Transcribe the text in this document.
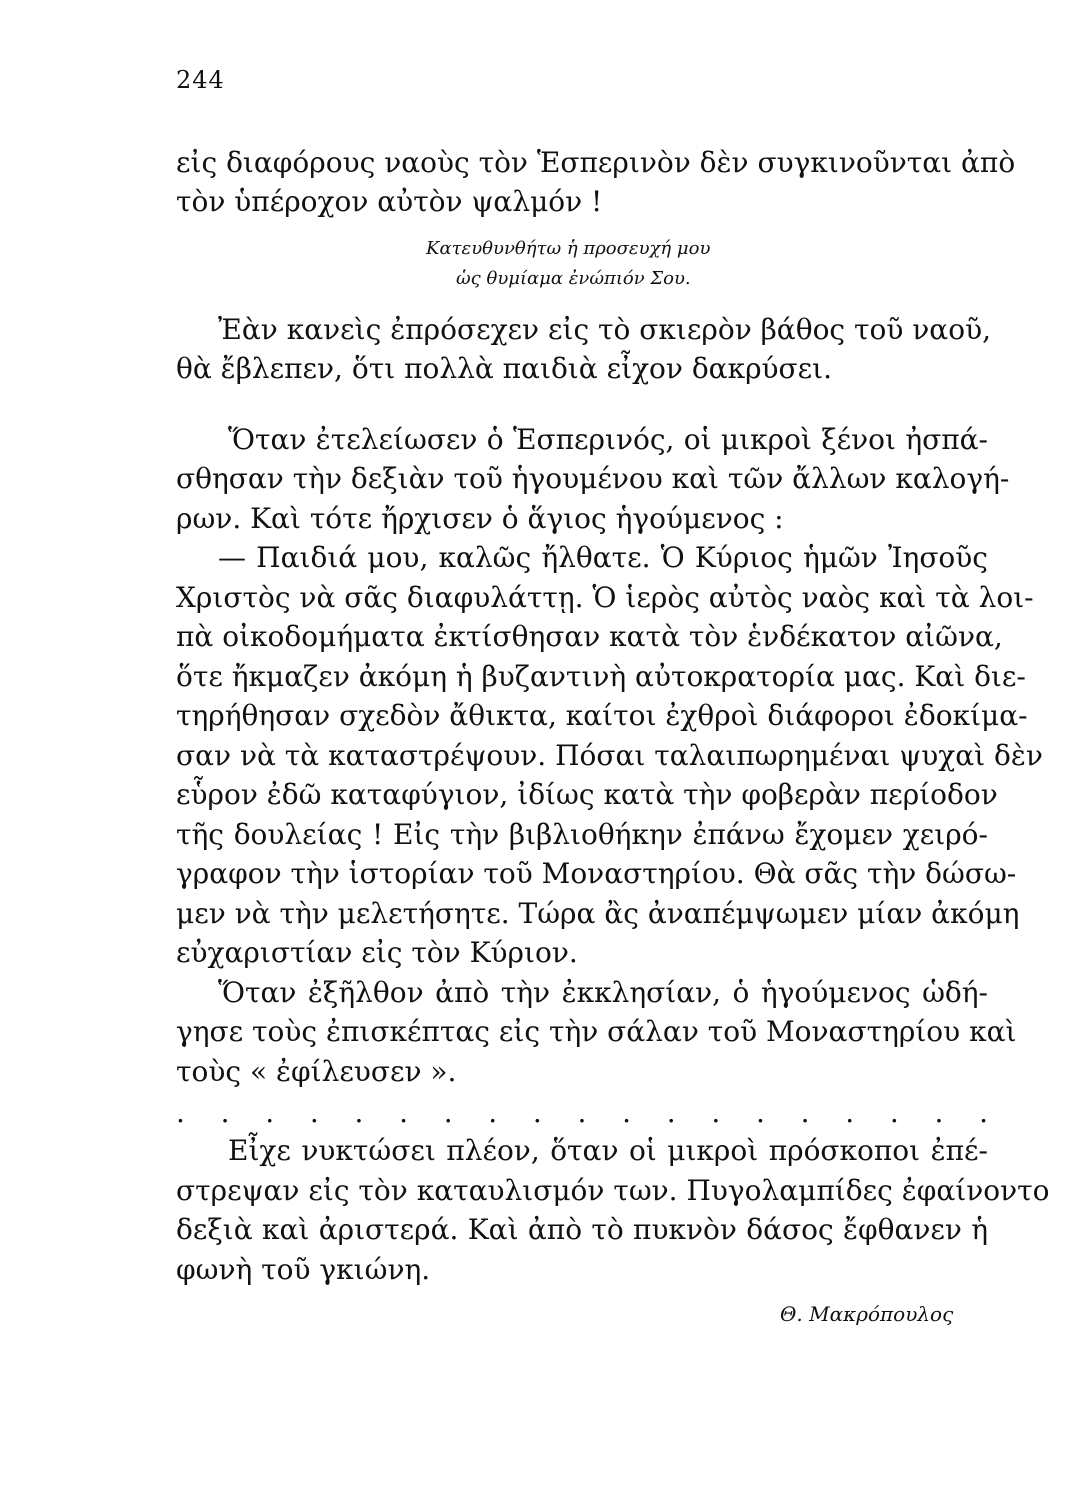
244
εἰς διαφόρους ναοὺς τὸν Ἑσπερινὸν δὲν συγκινοῦνται ἀπὸ
τὸν ὑπέροχον αὐτὸν ψαλμόν !
Κατευθυνθήτω ἡ προσευχή μου
ὡς θυμίαμα ἐνώπιόν Σου.
Ἐὰν κανεὶς ἐπρόσεχεν εἰς τὸ σκιερὸν βάθος τοῦ ναοῦ,
θὰ ἔβλεπεν, ὅτι πολλὰ παιδιὰ εἶχον δακρύσει.
Ὅταν ἐτελείωσεν ὁ Ἑσπερινός, οἱ μικροὶ ξένοι ἠσπά-
σθησαν τὴν δεξιὰν τοῦ ἡγουμένου καὶ τῶν ἄλλων καλογή-
ρων. Καὶ τότε ἤρχισεν ὁ ἅγιος ἡγούμενος :
— Παιδιά μου, καλῶς ἤλθατε. Ὁ Κύριος ἡμῶν Ἰησοῦς
Χριστὸς νὰ σᾶς διαφυλάττῃ. Ὁ ἱερὸς αὐτὸς ναὸς καὶ τὰ λοι-
πὰ οἰκοδομήματα ἐκτίσθησαν κατὰ τὸν ἑνδέκατον αἰῶνα,
ὅτε ἤκμαζεν ἀκόμη ἡ βυζαντινὴ αὐτοκρατορία μας. Καὶ διε-
τηρήθησαν σχεδὸν ἄθικτα, καίτοι ἐχθροὶ διάφοροι ἐδοκίμα-
σαν νὰ τὰ καταστρέψουν. Πόσαι ταλαιπωρημέναι ψυχαὶ δὲν
εὗρον ἐδῶ καταφύγιον, ἰδίως κατὰ τὴν φοβερὰν περίοδον
τῆς δουλείας ! Εἰς τὴν βιβλιοθήκην ἐπάνω ἔχομεν χειρό-
γραφον τὴν ἱστορίαν τοῦ Μοναστηρίου. Θὰ σᾶς τὴν δώσω-
μεν νὰ τὴν μελετήσητε. Τώρα ἂς ἀναπέμψωμεν μίαν ἀκόμη
εὐχαριστίαν εἰς τὸν Κύριον.
Ὅταν ἐξῆλθον ἀπὸ τὴν ἐκκλησίαν, ὁ ἡγούμενος ὡδή-
γησε τοὺς ἐπισκέπτας εἰς τὴν σάλαν τοῦ Μοναστηρίου καὶ
τοὺς « ἐφίλευσεν ».
. . . . . . . . . . . . . . . . . . .
Εἶχε νυκτώσει πλέον, ὅταν οἱ μικροὶ πρόσκοποι ἐπέ-
στρεψαν εἰς τὸν καταυλισμόν των. Πυγολαμπίδες ἐφαίνοντο
δεξιὰ καὶ ἀριστερά. Καὶ ἀπὸ τὸ πυκνὸν δάσος ἔφθανεν ἡ
φωνὴ τοῦ γκιώνη.
Θ. Μακρόπουλος
